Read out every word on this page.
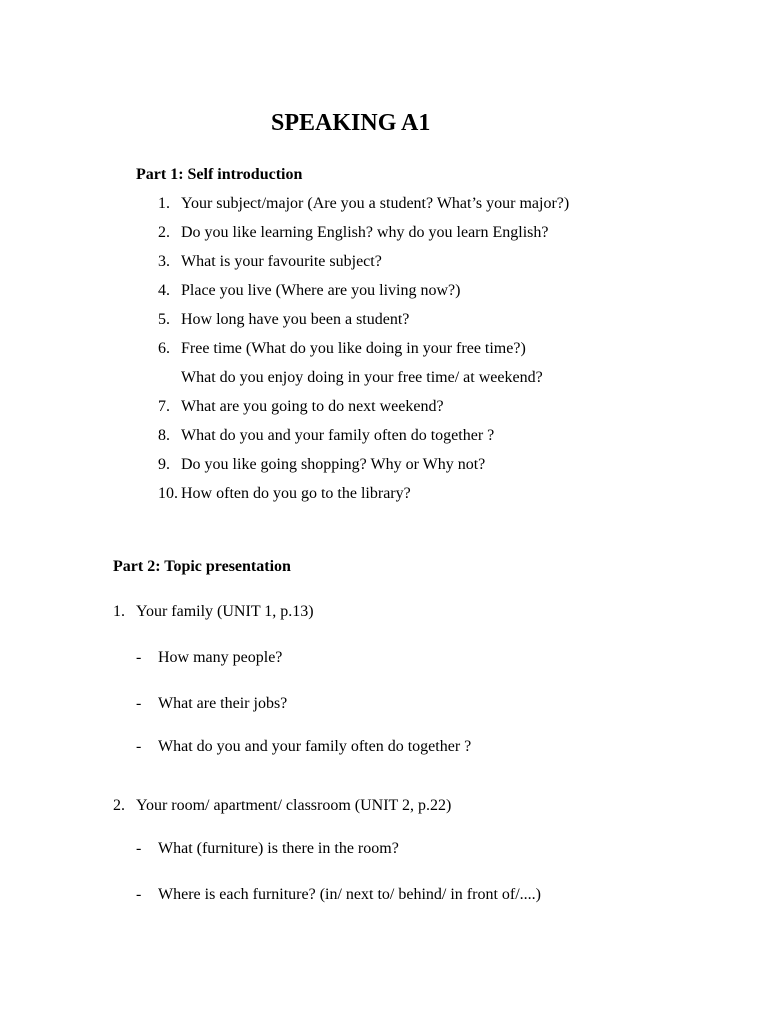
SPEAKING A1
Part 1: Self introduction
1. Your subject/major (Are you a student? What’s your major?)
2. Do you like learning English? why do you learn English?
3. What is your favourite subject?
4. Place you live (Where are you living now?)
5. How long have you been a student?
6. Free time (What do you like doing in your free time?)
What do you enjoy doing in your free time/ at weekend?
7. What are you going to do next weekend?
8. What do you and your family often do together ?
9. Do you like going shopping? Why or Why not?
10. How often do you go to the library?
Part 2: Topic presentation
1. Your family (UNIT 1, p.13)
- How many people?
- What are their jobs?
- What do you and your family often do together ?
2. Your room/ apartment/ classroom (UNIT 2, p.22)
- What (furniture) is there in the room?
- Where is each furniture? (in/ next to/ behind/ in front of/....)
